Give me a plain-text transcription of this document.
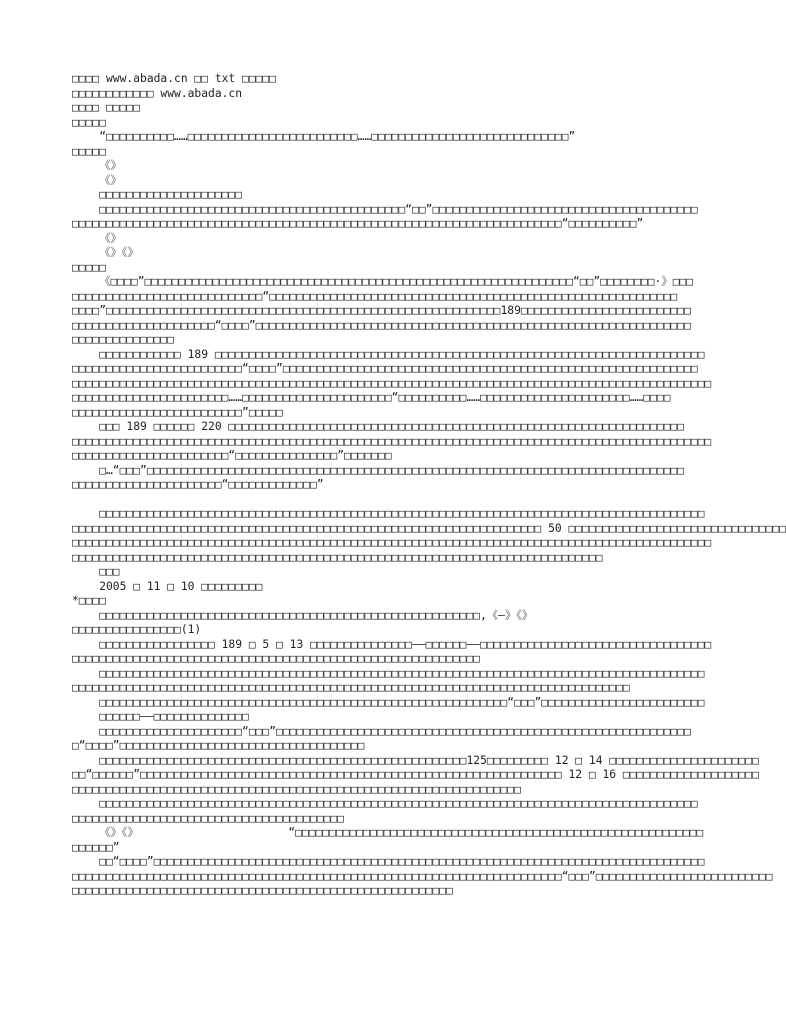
□□□□ www.abada.cn □□ txt □□□□□
□□□□□□□□□□□□ www.abada.cn
□□□□ □□□□□
□□□□□
“□□□□□□□□□□……□□□□□□□□□□□□□□□□□□□□□□□□□……□□□□□□□□□□□□□□□□□□□□□□□□□□□□□”
□□□□□
《》
《》
□□□□□□□□□□□□□□□□□□□□□
□□□□□□□□□□□□□□□□□□□□□□□□□□□□□□□□□□□□□□□□□□□□□“□□”□□□□□□□□□□□□□□□□□□□□□□□□□□□□□□□□□□□□□□□
□□□□□□□□□□□□□□□□□□□□□□□□□□□□□□□□□□□□□□□□□□□□□□□□□□□□□□□□□□□□□□□□□□□□□□□□“□□□□□□□□□□”
《》
《》《》
□□□□□
《□□□□”□□□□□□□□□□□□□□□□□□□□□□□□□□□□□□□□□□□□□□□□□□□□□□□□□□□□□□□□□□□□□□□“□□”□□□□□□□□·》□□□
□□□□□□□□□□□□□□□□□□□□□□□□□□□□“□□□□□□□□□□□□□□□□□□□□□□□□□□□□□□□□□□□□□□□□□□□□□□□□□□□□□□□□□□□□
□□□□”□□□□□□□□□□□□□□□□□□□□□□□□□□□□□□□□□□□□□□□□□□□□□□□□□□□□□□□□□□189□□□□□□□□□□□□□□□□□□□□□□□□□
□□□□□□□□□□□□□□□□□□□□□“□□□□”□□□□□□□□□□□□□□□□□□□□□□□□□□□□□□□□□□□□□□□□□□□□□□□□□□□□□□□□□□□□□□□□
□□□□□□□□□□□□□□□
□□□□□□□□□□□□ 189 □□□□□□□□□□□□□□□□□□□□□□□□□□□□□□□□□□□□□□□□□□□□□□□□□□□□□□□□□□□□□□□□□□□□□□□□
□□□□□□□□□□□□□□□□□□□□□□□□□“□□□□”□□□□□□□□□□□□□□□□□□□□□□□□□□□□□□□□□□□□□□□□□□□□□□□□□□□□□□□□□□□□□
□□□□□□□□□□□□□□□□□□□□□□□□□□□□□□□□□□□□□□□□□□□□□□□□□□□□□□□□□□□□□□□□□□□□□□□□□□□□□□□□□□□□□□□□□□□□□□
□□□□□□□□□□□□□□□□□□□□□□□……□□□□□□□□□□□□□□□□□□□□□□“□□□□□□□□□□……□□□□□□□□□□□□□□□□□□□□□□……□□□□
□□□□□□□□□□□□□□□□□□□□□□□□□”□□□□□
□□□ 189 □□□□□□ 220 □□□□□□□□□□□□□□□□□□□□□□□□□□□□□□□□□□□□□□□□□□□□□□□□□□□□□□□□□□□□□□□□□□□
□□□□□□□□□□□□□□□□□□□□□□□□□□□□□□□□□□□□□□□□□□□□□□□□□□□□□□□□□□□□□□□□□□□□□□□□□□□□□□□□□□□□□□□□□□□□□□
□□□□□□□□□□□□□□□□□□□□□□□“□□□□□□□□□□□□□□□”□□□□□□□
□…“□□□”□□□□□□□□□□□□□□□□□□□□□□□□□□□□□□□□□□□□□□□□□□□□□□□□□□□□□□□□□□□□□□□□□□□□□□□□□□□□□□□
□□□□□□□□□□□□□□□□□□□□□□“□□□□□□□□□□□□□”
□□□□□□□□□□□□□□□□□□□□□□□□□□□□□□□□□□□□□□□□□□□□□□□□□□□□□□□□□□□□□□□□□□□□□□□□□□□□□□□□□□□□□□□□□
□□□□□□□□□□□□□□□□□□□□□□□□□□□□□□□□□□□□□□□□□□□□□□□□□□□□□□□□□□□□□□□□□□□□□ 50 □□□□□□□□□□□□□□□□□□□□□□□□□□□□□□□□
□□□□□□□□□□□□□□□□□□□□□□□□□□□□□□□□□□□□□□□□□□□□□□□□□□□□□□□□□□□□□□□□□□□□□□□□□□□□□□□□□□□□□□□□□□□□□□
□□□□□□□□□□□□□□□□□□□□□□□□□□□□□□□□□□□□□□□□□□□□□□□□□□□□□□□□□□□□□□□□□□□□□□□□□□□□□□
□□□
2005 □ 11 □ 10 □□□□□□□□□
*□□□□
□□□□□□□□□□□□□□□□□□□□□□□□□□□□□□□□□□□□□□□□□□□□□□□□□□□□□□□□,《—》《》
□□□□□□□□□□□□□□□□(1)
□□□□□□□□□□□□□□□□□ 189 □ 5 □ 13 □□□□□□□□□□□□□□□——□□□□□□——□□□□□□□□□□□□□□□□□□□□□□□□□□□□□□□□□□
□□□□□□□□□□□□□□□□□□□□□□□□□□□□□□□□□□□□□□□□□□□□□□□□□□□□□□□□□□□□
□□□□□□□□□□□□□□□□□□□□□□□□□□□□□□□□□□□□□□□□□□□□□□□□□□□□□□□□□□□□□□□□□□□□□□□□□□□□□□□□□□□□□□□□□
□□□□□□□□□□□□□□□□□□□□□□□□□□□□□□□□□□□□□□□□□□□□□□□□□□□□□□□□□□□□□□□□□□□□□□□□□□□□□□□□□□
□□□□□□□□□□□□□□□□□□□□□□□□□□□□□□□□□□□□□□□□□□□□□□□□□□□□□□□□□□□□“□□□”□□□□□□□□□□□□□□□□□□□□□□□□
□□□□□□——□□□□□□□□□□□□□□
□□□□□□□□□□□□□□□□□□□□□“□□□”□□□□□□□□□□□□□□□□□□□□□□□□□□□□□□□□□□□□□□□□□□□□□□□□□□□□□□□□□□□□□
□“□□□□”□□□□□□□□□□□□□□□□□□□□□□□□□□□□□□□□□□□□
□□□□□□□□□□□□□□□□□□□□□□□□□□□□□□□□□□□□□□□□□□□□□□□□□□□□□□125□□□□□□□□□ 12 □ 14 □□□□□□□□□□□□□□□□□□□□□□
□□“□□□□□□”□□□□□□□□□□□□□□□□□□□□□□□□□□□□□□□□□□□□□□□□□□□□□□□□□□□□□□□□□□□□□□ 12 □ 16 □□□□□□□□□□□□□□□□□□□□
□□□□□□□□□□□□□□□□□□□□□□□□□□□□□□□□□□□□□□□□□□□□□□□□□□□□□□□□□□□□□□□□□□
□□□□□□□□□□□□□□□□□□□□□□□□□□□□□□□□□□□□□□□□□□□□□□□□□□□□□□□□□□□□□□□□□□□□□□□□□□□□□□□□□□□□□□□□
□□□□□□□□□□□□□□□□□□□□□□□□□□□□□□□□□□□□□□□□
《》《》                      “□□□□□□□□□□□□□□□□□□□□□□□□□□□□□□□□□□□□□□□□□□□□□□□□□□□□□□□□□□□□
□□□□□□”
□□“□□□□”□□□□□□□□□□□□□□□□□□□□□□□□□□□□□□□□□□□□□□□□□□□□□□□□□□□□□□□□□□□□□□□□□□□□□□□□□□□□□□□□□
□□□□□□□□□□□□□□□□□□□□□□□□□□□□□□□□□□□□□□□□□□□□□□□□□□□□□□□□□□□□□□□□□□□□□□□□“□□□”□□□□□□□□□□□□□□□□□□□□□□□□□□
□□□□□□□□□□□□□□□□□□□□□□□□□□□□□□□□□□□□□□□□□□□□□□□□□□□□□□□□
